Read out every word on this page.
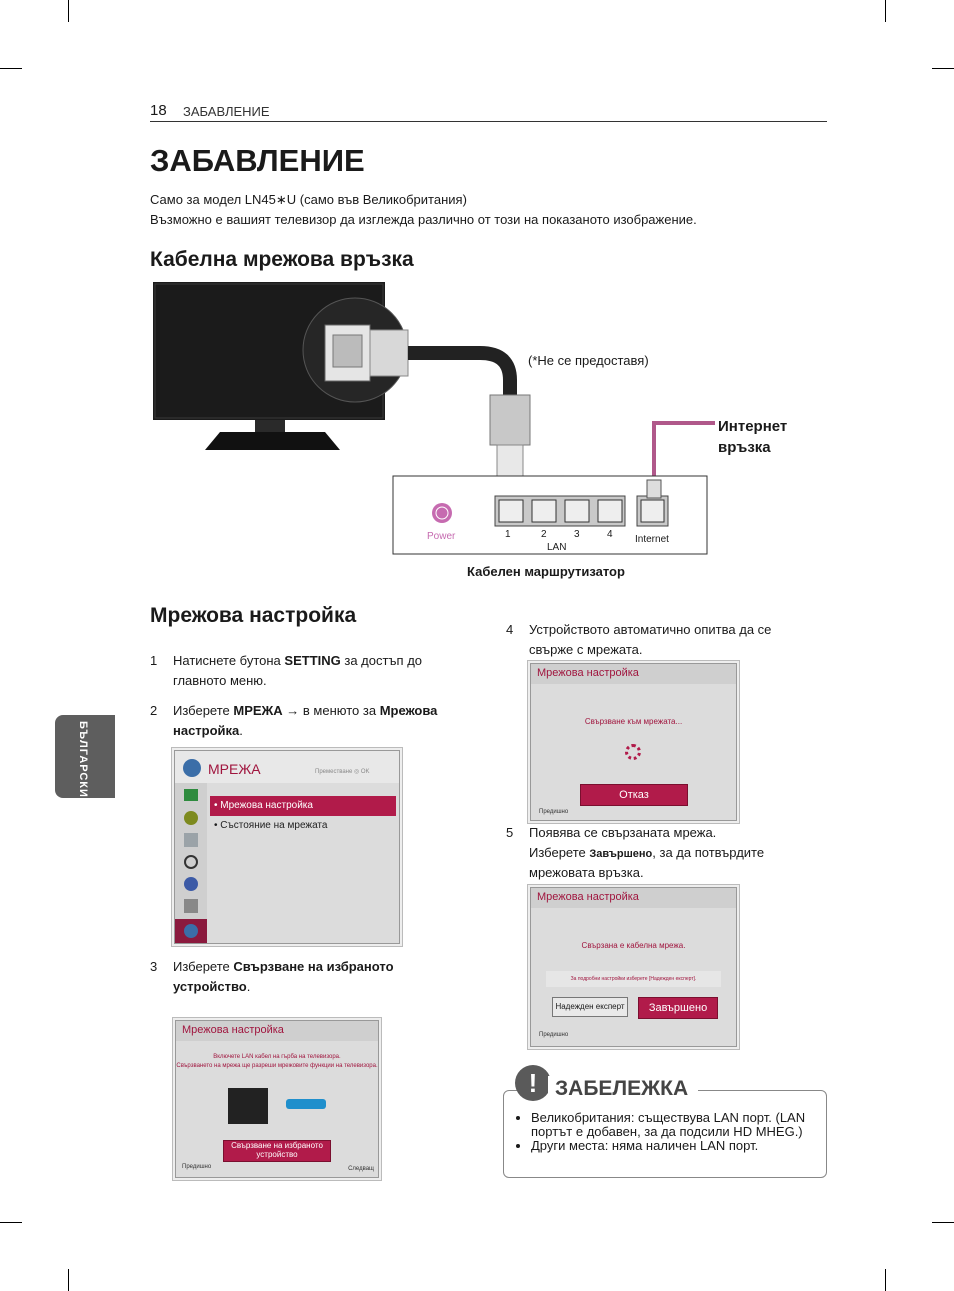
18 ЗАБАВЛЕНИЕ
ЗАБАВЛЕНИЕ
Само за модел LN45∗U (само във Великобритания)
Възможно е вашият телевизор да изглежда различно от този на показаното изображение.
Кабелна мрежова връзка
(*Не се предоставя)
Интернет
връзка
Power	1	2	3	4
LAN
Internet
Кабелен маршрутизатор
БЪЛГАРСКИ
Мрежова настройка
1 Натиснете бутона SETTING за достъп до
главното меню.
2 Изберете МРЕЖА → в менюто за Мрежова
настройка.
МРЕЖА	Преместване ◎ OK
• Мрежова настройка
• Състояние на мрежата
3 Изберете Свързване на избраното
устройство.
Мрежова настройка
Включете LAN кабел на гърба на телевизора.
Свързването на мрежа ще разреши мрежовите функции на телевизора.
Свързване на избраното устройство
Предишно	Следващ
4 Устройството автоматично опитва да се
свърже с мрежата.
Мрежова настройка
Свързване към мрежата...
Отказ
Предишно
5 Появява се свързаната мрежа.
Изберете Завършено, за да потвърдите
мрежовата връзка.
Мрежова настройка
Свързана е кабелна мрежа.
За подробни настройки изберете [Надежден експерт].
Надежден експерт	Завършено
Предишно
! ЗАБЕЛЕЖКА
• Великобритания: съществува LAN порт. (LAN портът е добавен, за да подсили HD MHEG.)
• Други места: няма наличен LAN порт.
